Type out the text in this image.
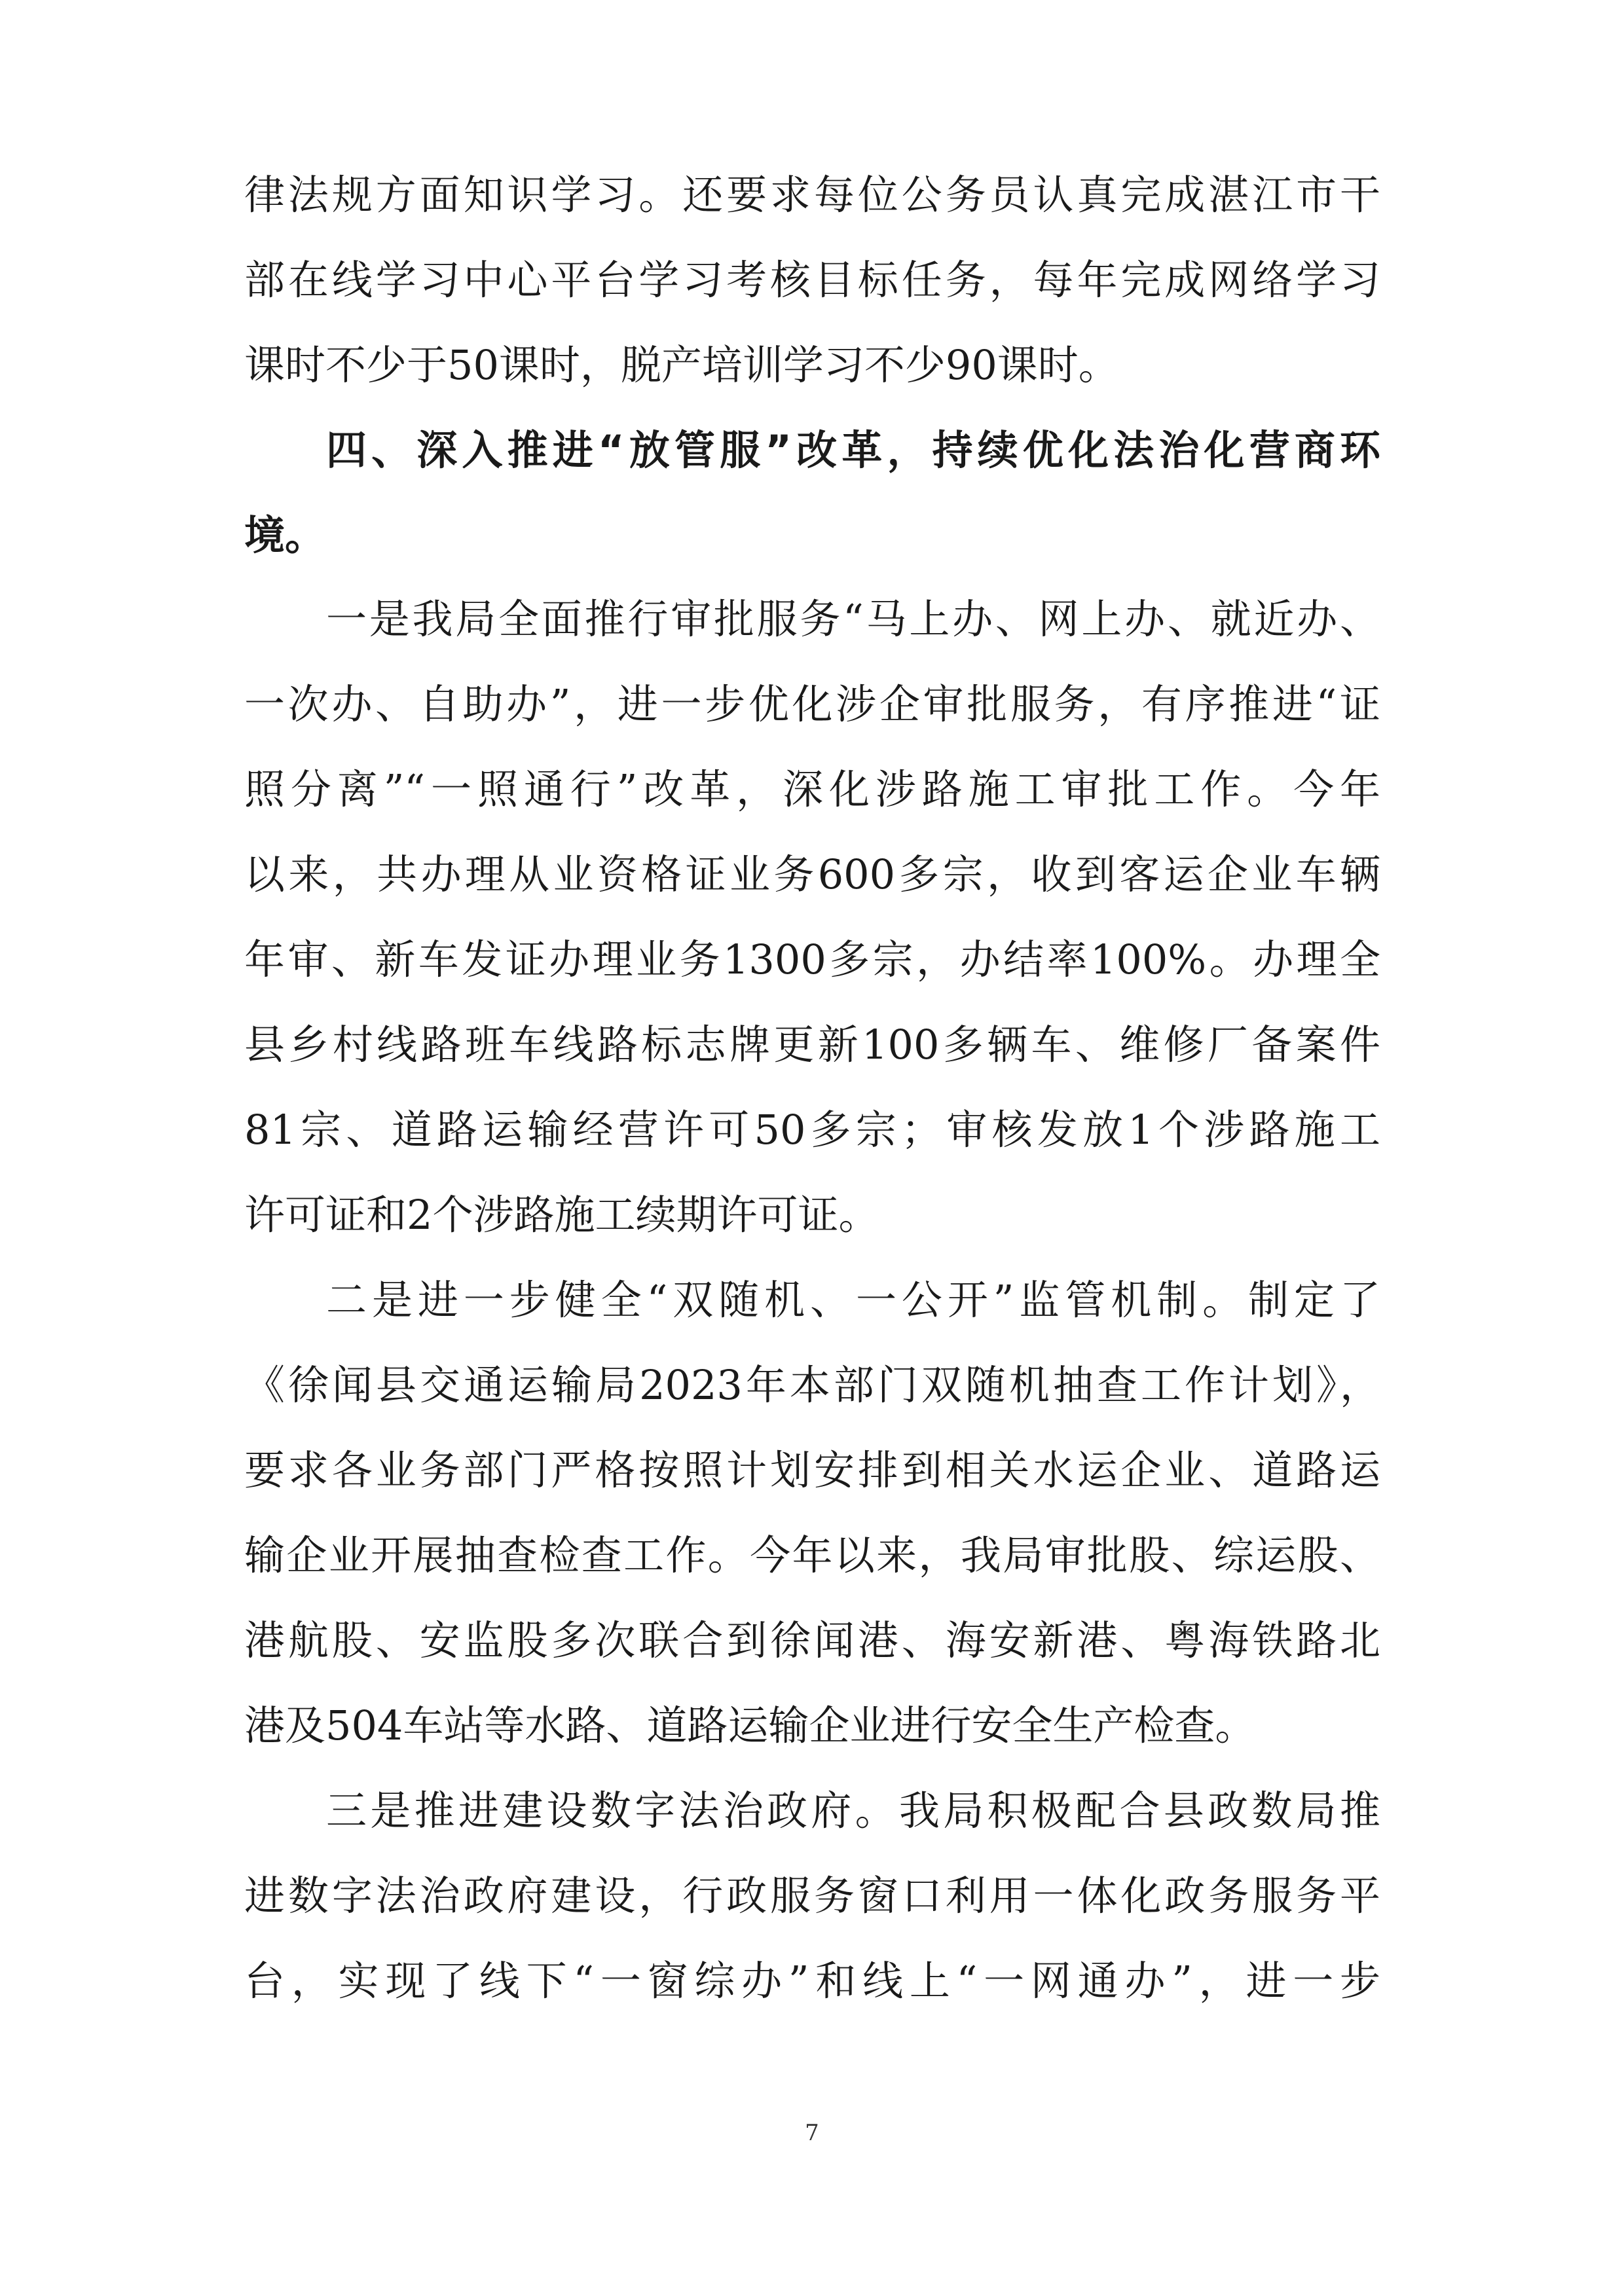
律法规方面知识学习。还要求每位公务员认真完成湛江市干
部在线学习中心平台学习考核目标任务，每年完成网络学习
课时不少于50课时，脱产培训学习不少90课时。
四、深入推进“放管服”改革，持续优化法治化营商环
境。
一是我局全面推行审批服务“马上办、网上办、就近办、
一次办、自助办”，进一步优化涉企审批服务，有序推进“证
照分离”“一照通行”改革，深化涉路施工审批工作。今年
以来，共办理从业资格证业务600多宗，收到客运企业车辆
年审、新车发证办理业务1300多宗，办结率100%。办理全
县乡村线路班车线路标志牌更新100多辆车、维修厂备案件
81宗、道路运输经营许可50多宗；审核发放1个涉路施工
许可证和2个涉路施工续期许可证。
二是进一步健全“双随机、一公开”监管机制。制定了
《徐闻县交通运输局2023年本部门双随机抽查工作计划》，
要求各业务部门严格按照计划安排到相关水运企业、道路运
输企业开展抽查检查工作。今年以来，我局审批股、综运股、
港航股、安监股多次联合到徐闻港、海安新港、粤海铁路北
港及504车站等水路、道路运输企业进行安全生产检查。
三是推进建设数字法治政府。我局积极配合县政数局推
进数字法治政府建设，行政服务窗口利用一体化政务服务平
台，实现了线下“一窗综办”和线上“一网通办”，进一步
7
